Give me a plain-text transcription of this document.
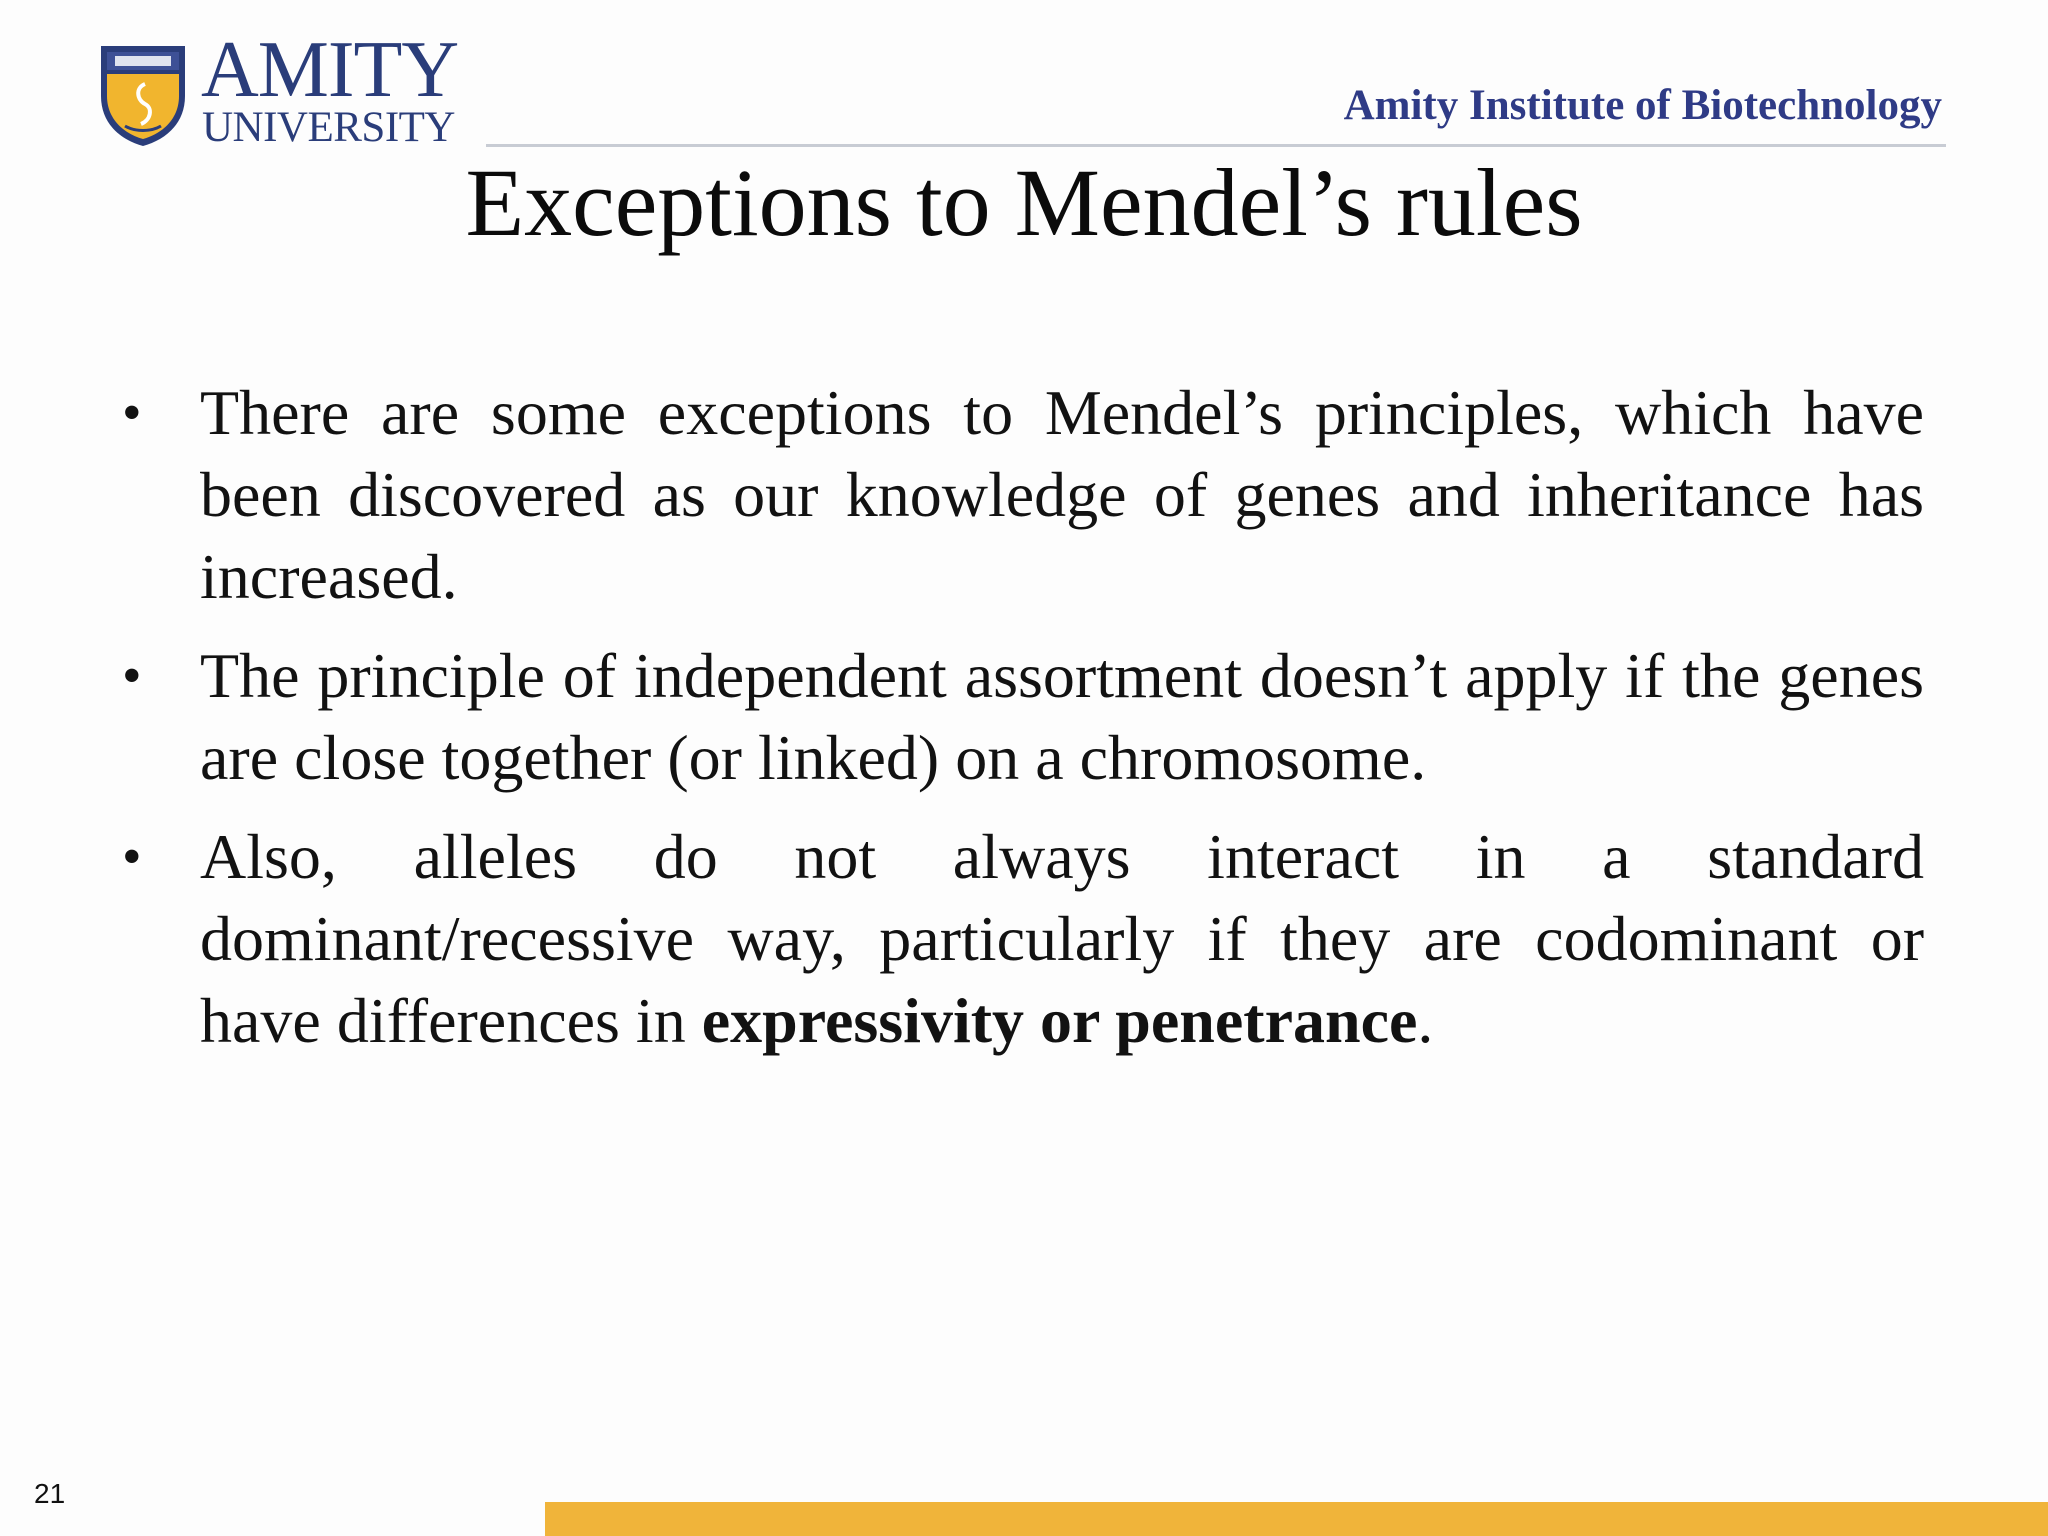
AMITY
UNIVERSITY	Amity Institute of Biotechnology
Exceptions to Mendel’s rules
• There are some exceptions to Mendel’s principles, which have been discovered as our knowledge of genes and inheritance has increased.
• The principle of independent assortment doesn’t apply if the genes are close together (or linked) on a chromosome.
• Also, alleles do not always interact in a standard dominant/recessive way, particularly if they are codominant or have differences in expressivity or penetrance.
21
